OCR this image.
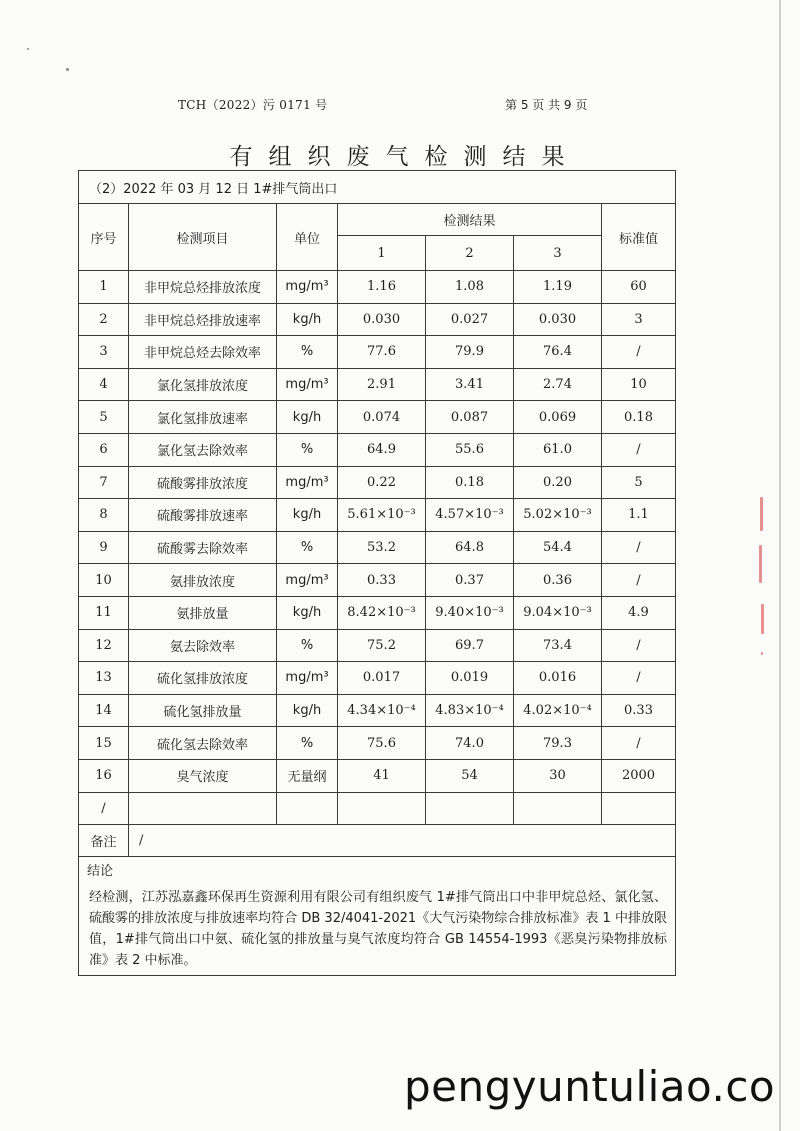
TCH（2022）污 0171 号	第 5 页 共 9 页
有组织废气检测结果
（2）2022 年 03 月 12 日 1#排气筒出口						
序号	检测项目	单位	检测结果			标准值
			1	2	3	
1	非甲烷总烃排放浓度	mg/m³	1.16	1.08	1.19	60
2	非甲烷总烃排放速率	kg/h	0.030	0.027	0.030	3
3	非甲烷总烃去除效率	%	77.6	79.9	76.4	/
4	氯化氢排放浓度	mg/m³	2.91	3.41	2.74	10
5	氯化氢排放速率	kg/h	0.074	0.087	0.069	0.18
6	氯化氢去除效率	%	64.9	55.6	61.0	/
7	硫酸雾排放浓度	mg/m³	0.22	0.18	0.20	5
8	硫酸雾排放速率	kg/h	5.61×10⁻³	4.57×10⁻³	5.02×10⁻³	1.1
9	硫酸雾去除效率	%	53.2	64.8	54.4	/
10	氨排放浓度	mg/m³	0.33	0.37	0.36	/
11	氨排放量	kg/h	8.42×10⁻³	9.40×10⁻³	9.04×10⁻³	4.9
12	氨去除效率	%	75.2	69.7	73.4	/
13	硫化氢排放浓度	mg/m³	0.017	0.019	0.016	/
14	硫化氢排放量	kg/h	4.34×10⁻⁴	4.83×10⁻⁴	4.02×10⁻⁴	0.33
15	硫化氢去除效率	%	75.6	74.0	79.3	/
16	臭气浓度	无量纲	41	54	30	2000
/						
备注	/					
结论						
经检测，江苏泓嘉鑫环保再生资源利用有限公司有组织废气 1#排气筒出口中非甲烷总烃、氯化氢、硫酸雾的排放浓度与排放速率均符合 DB 32/4041-2021《大气污染物综合排放标准》表 1 中排放限值，1#排气筒出口中氨、硫化氢的排放量与臭气浓度均符合 GB 14554-1993《恶臭污染物排放标准》表 2 中标准。						
pengyuntuliao.co
